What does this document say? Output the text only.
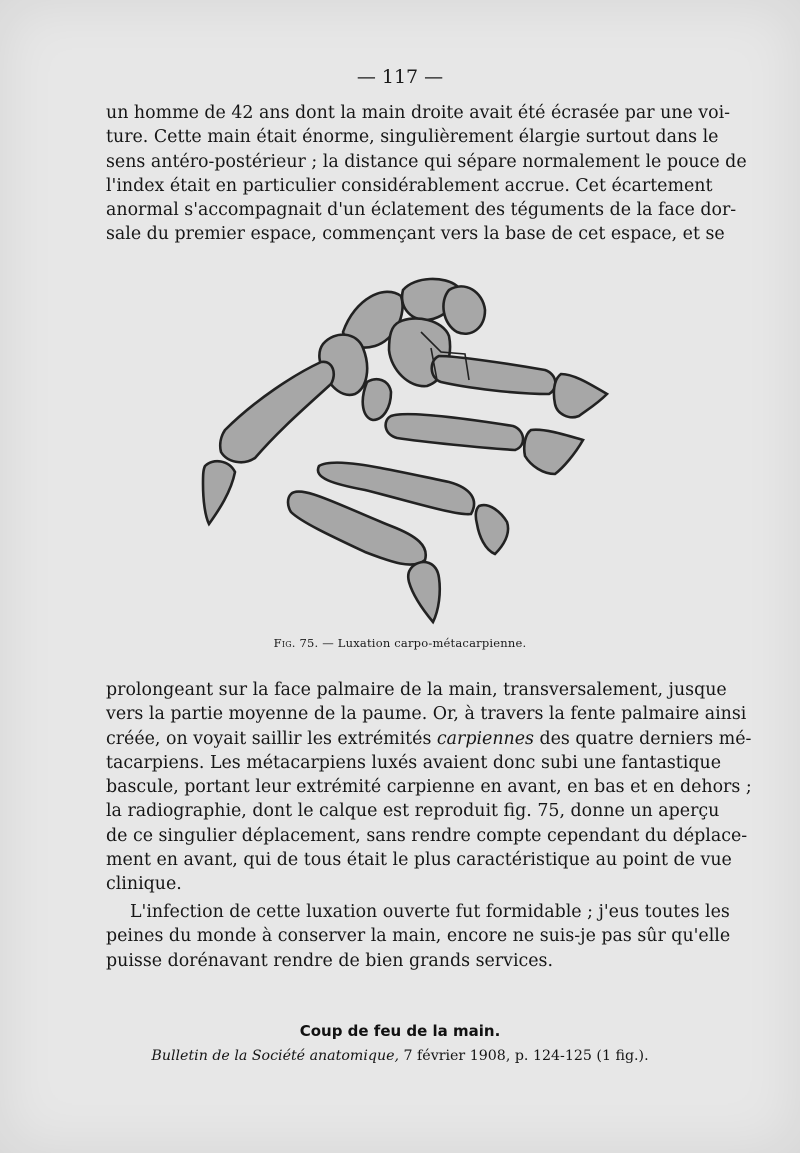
— 117 —
un homme de 42 ans dont la main droite avait été écrasée par une voi-
ture. Cette main était énorme, singulièrement élargie surtout dans le
sens antéro-postérieur ; la distance qui sépare normalement le pouce de
l'index était en particulier considérablement accrue. Cet écartement
anormal s'accompagnait d'un éclatement des téguments de la face dor-
sale du premier espace, commençant vers la base de cet espace, et se
Fig. 75. — Luxation carpo-métacarpienne.
prolongeant sur la face palmaire de la main, transversalement, jusque
vers la partie moyenne de la paume. Or, à travers la fente palmaire ainsi
créée, on voyait saillir les extrémités carpiennes des quatre derniers mé-
tacarpiens. Les métacarpiens luxés avaient donc subi une fantastique
bascule, portant leur extrémité carpienne en avant, en bas et en dehors ;
la radiographie, dont le calque est reproduit fig. 75, donne un aperçu
de ce singulier déplacement, sans rendre compte cependant du déplace-
ment en avant, qui de tous était le plus caractéristique au point de vue
clinique.
L'infection de cette luxation ouverte fut formidable ; j'eus toutes les
peines du monde à conserver la main, encore ne suis-je pas sûr qu'elle
puisse dorénavant rendre de bien grands services.
Coup de feu de la main.
Bulletin de la Société anatomique, 7 février 1908, p. 124-125 (1 fig.).
